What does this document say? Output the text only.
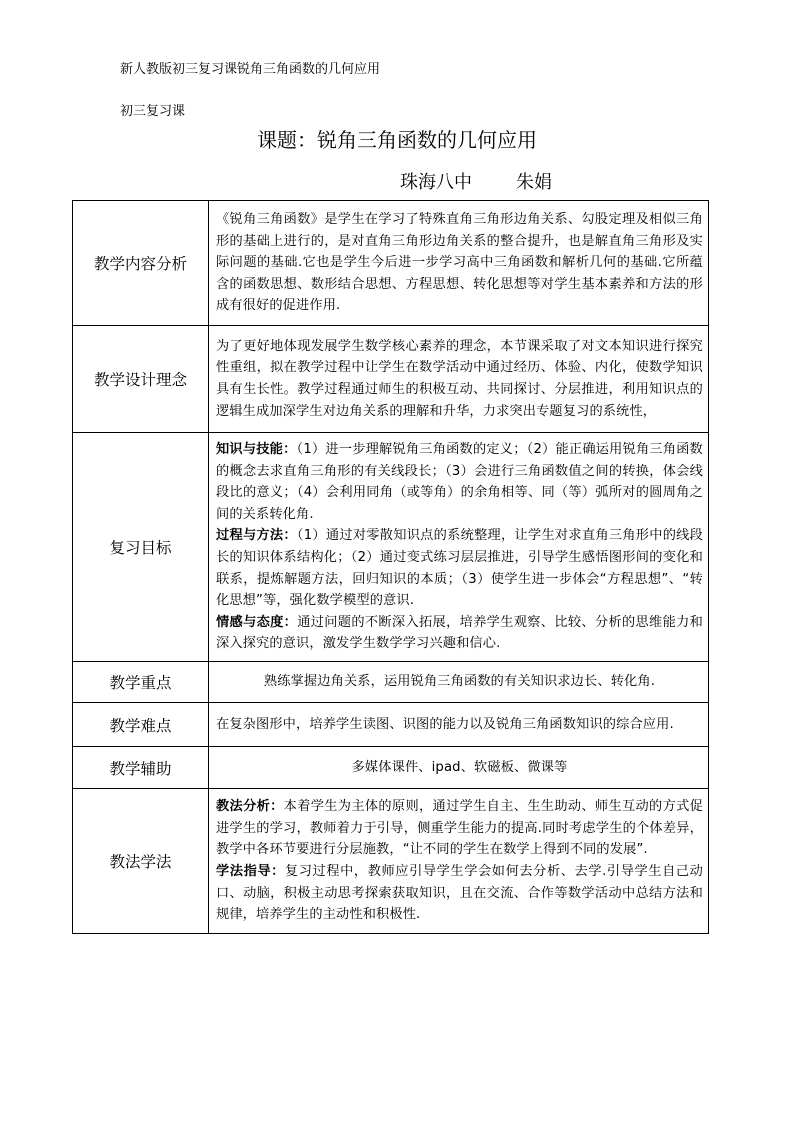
新人教版初三复习课锐角三角函数的几何应用
初三复习课
课题：锐角三角函数的几何应用
珠海八中 朱娟
教学内容分析	《锐角三角函数》是学生在学习了特殊直角三角形边角关系、勾股定理及相似三角形的基础上进行的，是对直角三角形边角关系的整合提升，也是解直角三角形及实际问题的基础.它也是学生今后进一步学习高中三角函数和解析几何的基础.它所蕴含的函数思想、数形结合思想、方程思想、转化思想等对学生基本素养和方法的形成有很好的促进作用.
教学设计理念	为了更好地体现发展学生数学核心素养的理念，本节课采取了对文本知识进行探究性重组，拟在教学过程中让学生在数学活动中通过经历、体验、内化，使数学知识具有生长性。教学过程通过师生的积极互动、共同探讨、分层推进，利用知识点的逻辑生成加深学生对边角关系的理解和升华，力求突出专题复习的系统性，
复习目标	知识与技能：（1）进一步理解锐角三角函数的定义；（2）能正确运用锐角三角函数的概念去求直角三角形的有关线段长；（3）会进行三角函数值之间的转换，体会线段比的意义；（4）会利用同角（或等角）的余角相等、同（等）弧所对的圆周角之间的关系转化角.
过程与方法：（1）通过对零散知识点的系统整理，让学生对求直角三角形中的线段长的知识体系结构化；（2）通过变式练习层层推进，引导学生感悟图形间的变化和联系，提炼解题方法，回归知识的本质；（3）使学生进一步体会“方程思想”、“转化思想”等，强化数学模型的意识.
情感与态度：通过问题的不断深入拓展，培养学生观察、比较、分析的思维能力和深入探究的意识，激发学生数学学习兴趣和信心.

教学重点	熟练掌握边角关系，运用锐角三角函数的有关知识求边长、转化角.
教学难点	在复杂图形中，培养学生读图、识图的能力以及锐角三角函数知识的综合应用.
教学辅助	多媒体课件、ipad、软磁板、微课等
教法学法	教法分析：本着学生为主体的原则，通过学生自主、生生助动、师生互动的方式促进学生的学习，教师着力于引导，侧重学生能力的提高.同时考虑学生的个体差异，教学中各环节要进行分层施教，“让不同的学生在数学上得到不同的发展”.
学法指导：复习过程中，教师应引导学生学会如何去分析、去学.引导学生自己动口、动脑，积极主动思考探索获取知识，且在交流、合作等数学活动中总结方法和规律，培养学生的主动性和积极性.
